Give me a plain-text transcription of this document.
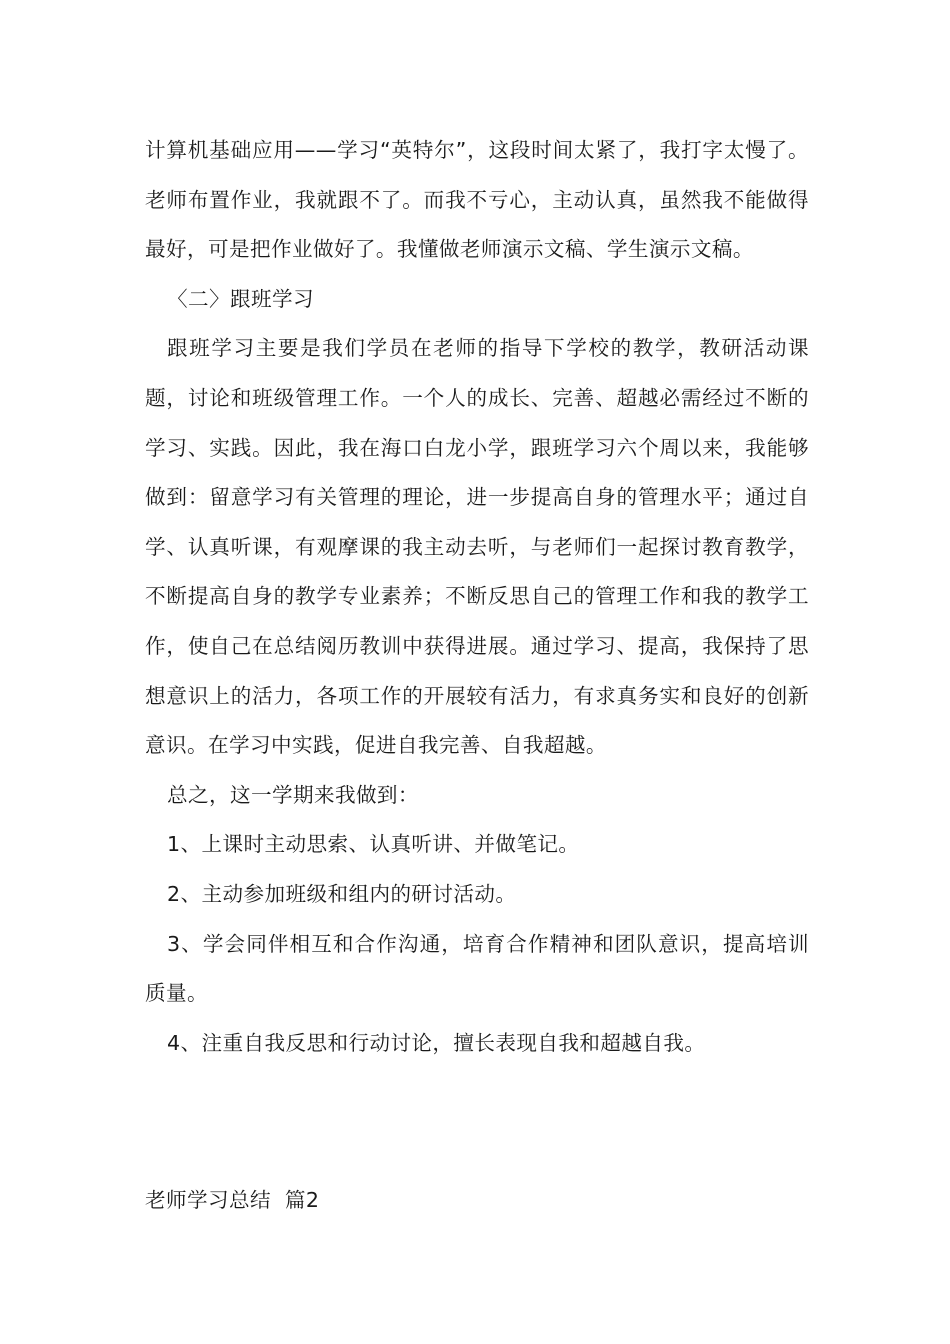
计算机基础应用——学习“英特尔”，这段时间太紧了，我打字太慢了。老师布置作业，我就跟不了。而我不亏心，主动认真，虽然我不能做得最好，可是把作业做好了。我懂做老师演示文稿、学生演示文稿。

〈二〉跟班学习

跟班学习主要是我们学员在老师的指导下学校的教学，教研活动课题，讨论和班级管理工作。一个人的成长、完善、超越必需经过不断的学习、实践。因此，我在海口白龙小学，跟班学习六个周以来，我能够做到：留意学习有关管理的理论，进一步提高自身的管理水平；通过自学、认真听课，有观摩课的我主动去听，与老师们一起探讨教育教学，不断提高自身的教学专业素养；不断反思自己的管理工作和我的教学工作，使自己在总结阅历教训中获得进展。通过学习、提高，我保持了思想意识上的活力，各项工作的开展较有活力，有求真务实和良好的创新意识。在学习中实践，促进自我完善、自我超越。

总之，这一学期来我做到：

1、上课时主动思索、认真听讲、并做笔记。

2、主动参加班级和组内的研讨活动。

3、学会同伴相互和合作沟通，培育合作精神和团队意识，提高培训质量。

4、注重自我反思和行动讨论，擅长表现自我和超越自我。

老师学习总结  篇2
